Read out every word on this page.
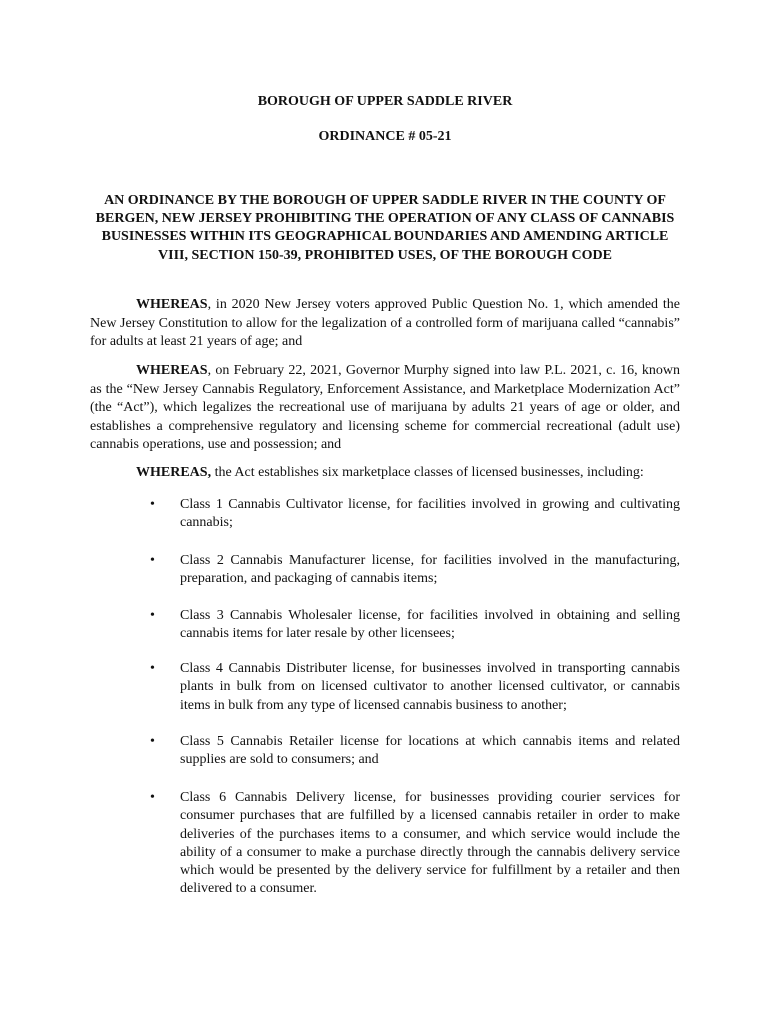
BOROUGH OF UPPER SADDLE RIVER
ORDINANCE # 05-21
AN ORDINANCE BY THE BOROUGH OF UPPER SADDLE RIVER IN THE COUNTY OF BERGEN, NEW JERSEY PROHIBITING THE OPERATION OF ANY CLASS OF CANNABIS BUSINESSES WITHIN ITS GEOGRAPHICAL BOUNDARIES AND AMENDING ARTICLE VIII, SECTION 150-39, PROHIBITED USES, OF THE BOROUGH CODE

WHEREAS, in 2020 New Jersey voters approved Public Question No. 1, which amended the New Jersey Constitution to allow for the legalization of a controlled form of marijuana called “cannabis” for adults at least 21 years of age; and

WHEREAS, on February 22, 2021, Governor Murphy signed into law P.L. 2021, c. 16, known as the “New Jersey Cannabis Regulatory, Enforcement Assistance, and Marketplace Modernization Act” (the “Act”), which legalizes the recreational use of marijuana by adults 21 years of age or older, and establishes a comprehensive regulatory and licensing scheme for commercial recreational (adult use) cannabis operations, use and possession; and

WHEREAS, the Act establishes six marketplace classes of licensed businesses, including:

• Class 1 Cannabis Cultivator license, for facilities involved in growing and cultivating cannabis;
• Class 2 Cannabis Manufacturer license, for facilities involved in the manufacturing, preparation, and packaging of cannabis items;
• Class 3 Cannabis Wholesaler license, for facilities involved in obtaining and selling cannabis items for later resale by other licensees;
• Class 4 Cannabis Distributer license, for businesses involved in transporting cannabis plants in bulk from on licensed cultivator to another licensed cultivator, or cannabis items in bulk from any type of licensed cannabis business to another;
• Class 5 Cannabis Retailer license for locations at which cannabis items and related supplies are sold to consumers; and
• Class 6 Cannabis Delivery license, for businesses providing courier services for consumer purchases that are fulfilled by a licensed cannabis retailer in order to make deliveries of the purchases items to a consumer, and which service would include the ability of a consumer to make a purchase directly through the cannabis delivery service which would be presented by the delivery service for fulfillment by a retailer and then delivered to a consumer.
